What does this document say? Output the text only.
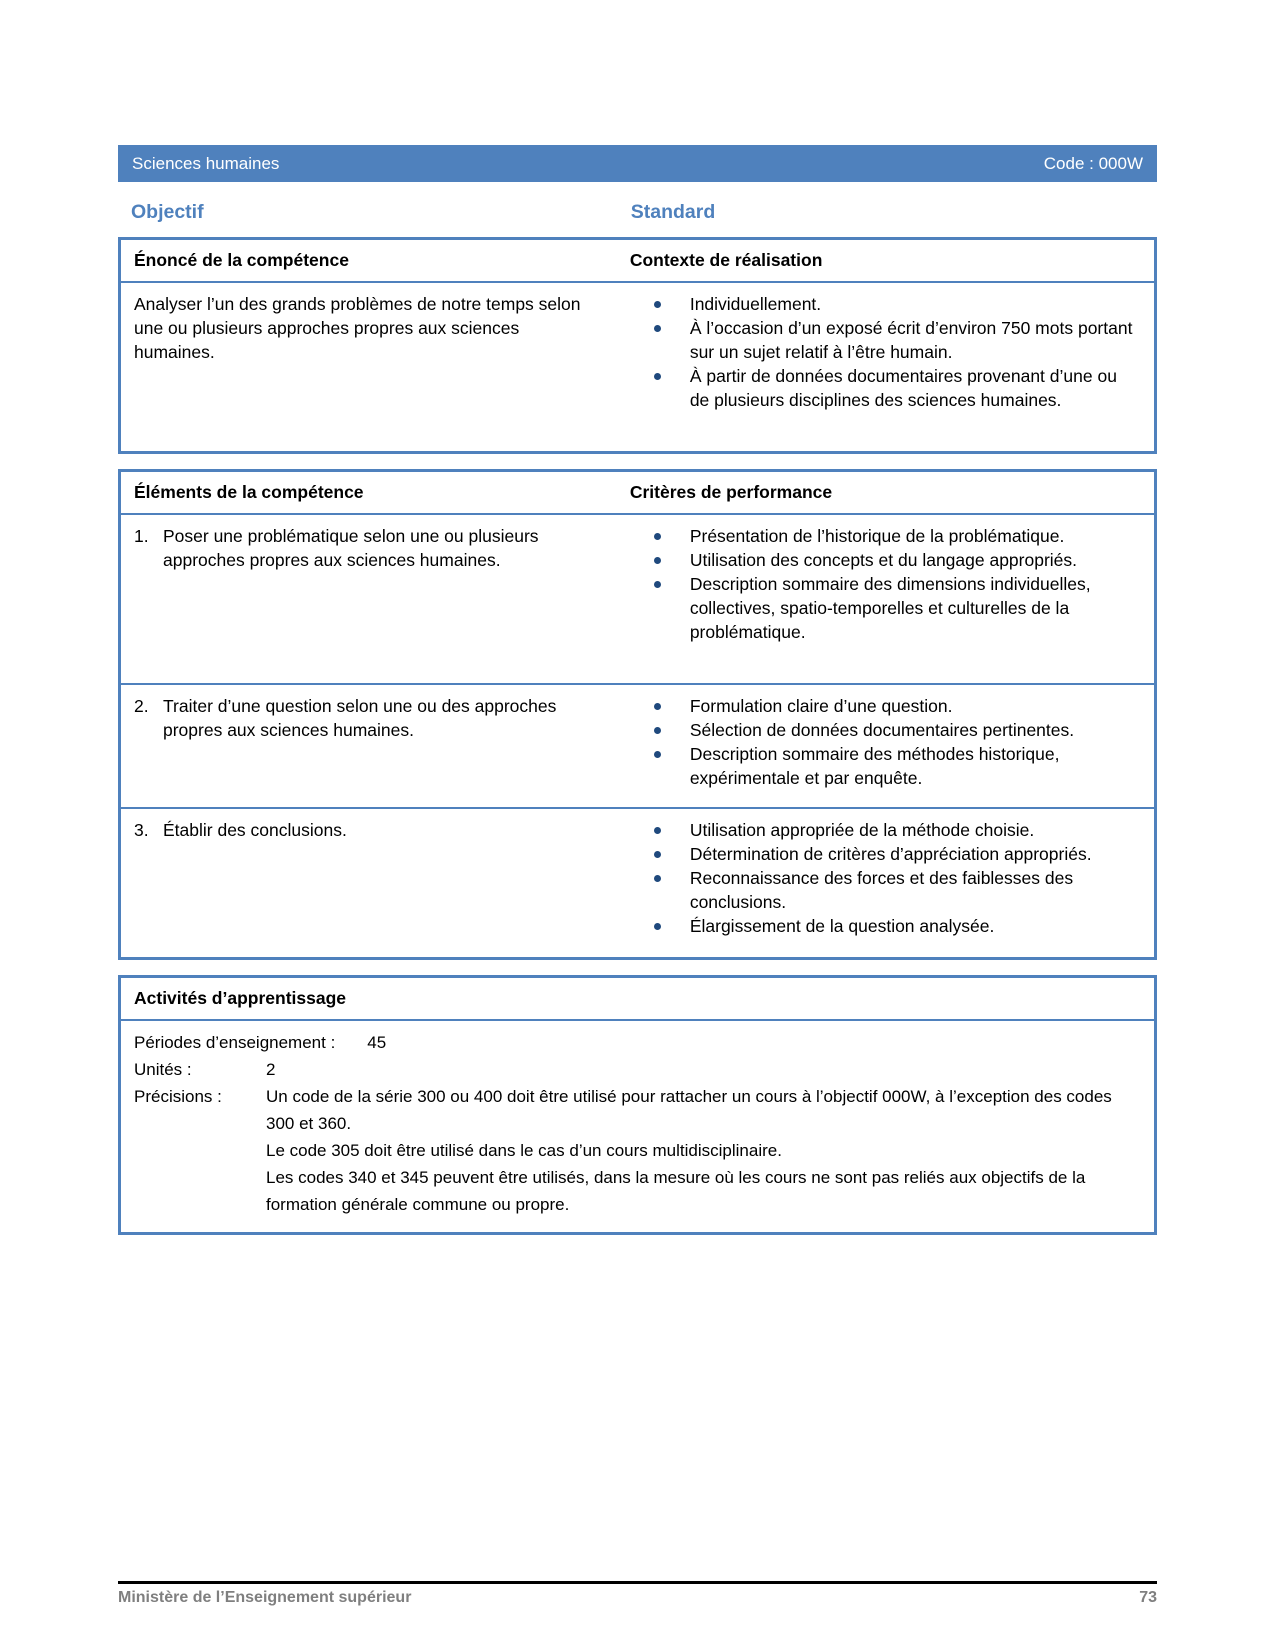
Sciences humaines	Code : 000W
Objectif	Standard
Énoncé de la compétence	Contexte de réalisation
Analyser l’un des grands problèmes de notre temps selon une ou plusieurs approches propres aux sciences humaines.
Individuellement.
À l’occasion d’un exposé écrit d’environ 750 mots portant sur un sujet relatif à l’être humain.
À partir de données documentaires provenant d’une ou de plusieurs disciplines des sciences humaines.
Éléments de la compétence	Critères de performance
1. Poser une problématique selon une ou plusieurs approches propres aux sciences humaines.
Présentation de l’historique de la problématique.
Utilisation des concepts et du langage appropriés.
Description sommaire des dimensions individuelles, collectives, spatio-temporelles et culturelles de la problématique.
2. Traiter d’une question selon une ou des approches propres aux sciences humaines.
Formulation claire d’une question.
Sélection de données documentaires pertinentes.
Description sommaire des méthodes historique, expérimentale et par enquête.
3. Établir des conclusions.	Utilisation appropriée de la méthode choisie.
Détermination de critères d’appréciation appropriés.
Reconnaissance des forces et des faiblesses des conclusions.
Élargissement de la question analysée.
Activités d’apprentissage
Périodes d’enseignement : 45
Unités :	2
Précisions :	Un code de la série 300 ou 400 doit être utilisé pour rattacher un cours à l’objectif 000W, à l’exception des codes 300 et 360.

Le code 305 doit être utilisé dans le cas d’un cours multidisciplinaire.

Les codes 340 et 345 peuvent être utilisés, dans la mesure où les cours ne sont pas reliés aux objectifs de la formation générale commune ou propre.

Ministère de l’Enseignement supérieur	73
